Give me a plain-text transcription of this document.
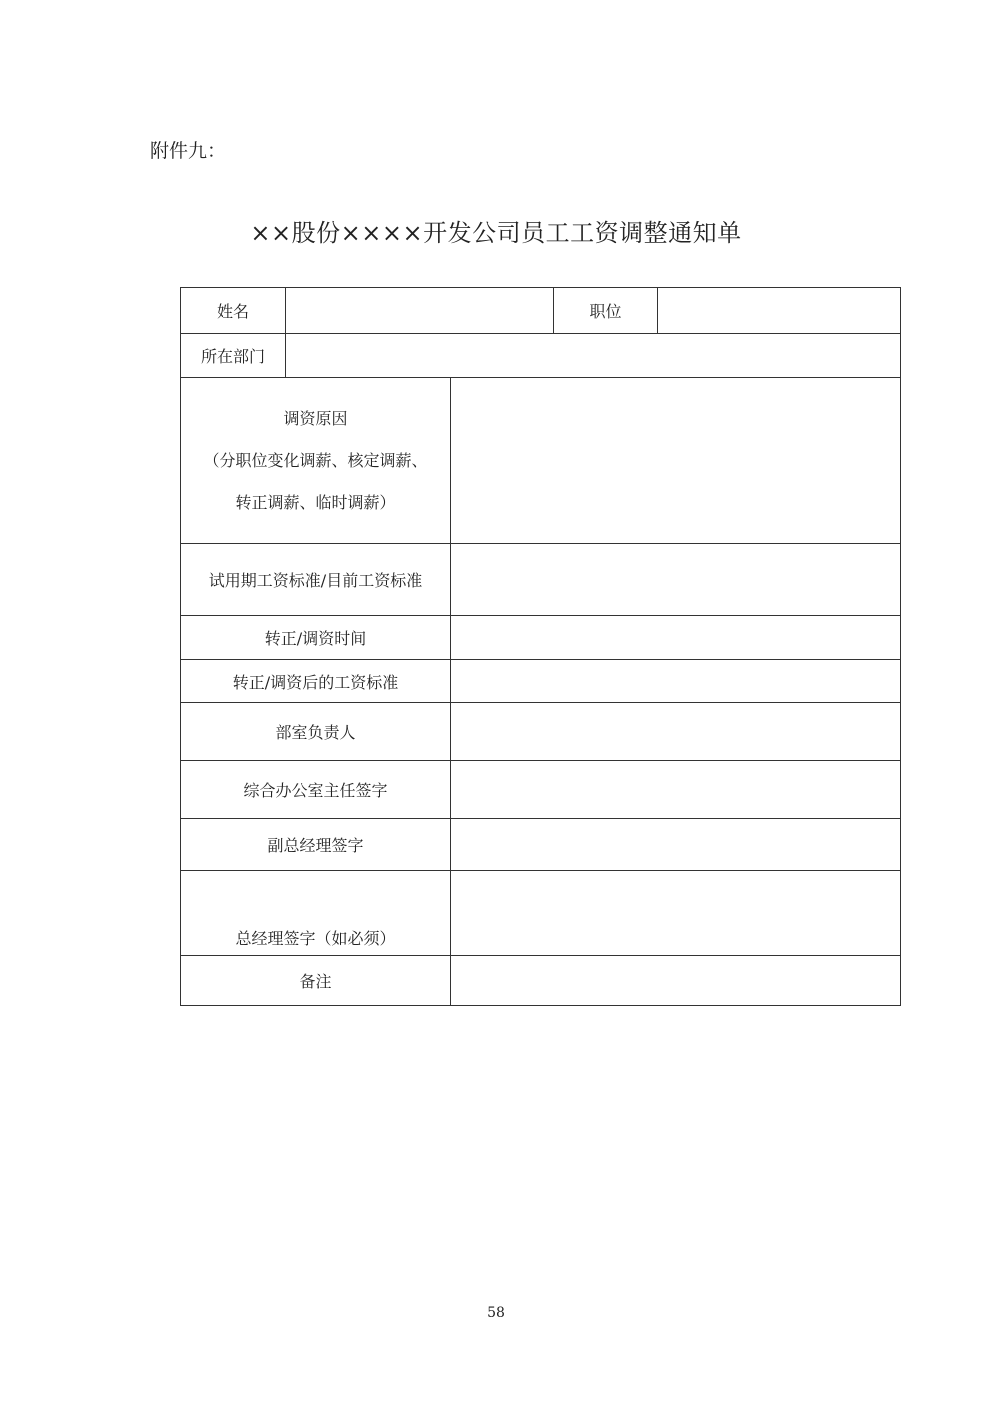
附件九：
××股份××××开发公司员工工资调整通知单
姓名			职位	
所在部门				

调资原因
（分职位变化调薪、核定调薪、
转正调薪、临时调薪）				

试用期工资标准/目前工资标准				
转正/调资时间				
转正/调资后的工资标准				
部室负责人				
综合办公室主任签字				
副总经理签字				
总经理签字（如必须）				
备注				
58
